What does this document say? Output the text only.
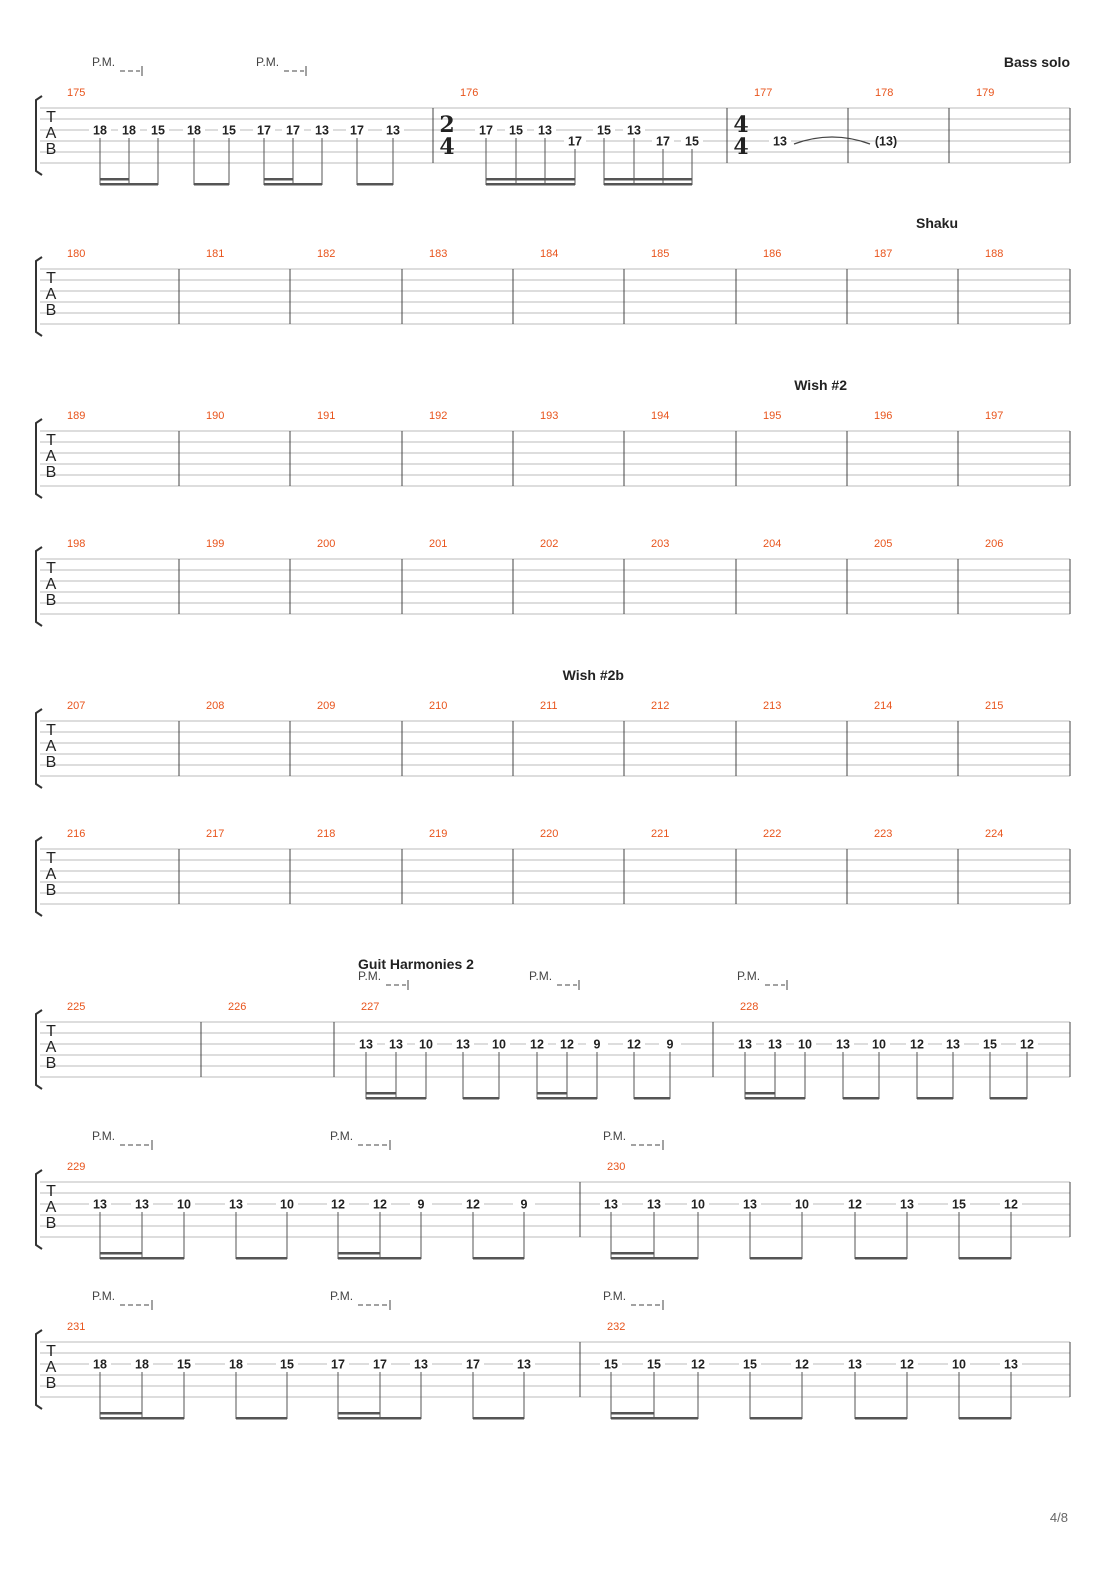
T
A
B
175
18 18 15 18 15 17 17 13 17 13
P.M.	P.M.
176
2
4
17 15 13
17
15 13
17 15
177
4
4 13
178
(13)
179
T
A
B
180	181	182	183	184	185	186	187	188
T
A
B
189	190	191	192	193	194	195	196	197
T
A
B
198	199	200	201	202	203	204	205	206
T
A
B
207	208	209	210	211	212	213	214	215
T
A
B
216	217	218	219	220	221	222	223	224
T
A
B
225	226	227
13 13 10 13 10 12 12 9 12 9
P.M.	P.M.
228
13 13 10 13 10 12 13 15 12
P.M.
T
A
B
229
13 13 10	13	10	12 12 9	12	9
P.M.	P.M.
230
13 13 10	13	10	12	13	15	12
P.M.
T
A
B
231
18 18 15	18	15	17 17 13	17	13
P.M.	P.M.
232
15 15 12	15	12	13	12	10	13
P.M.
4/8
Bass solo
Shaku
Wish #2
Wish #2b
Guit Harmonies 2
